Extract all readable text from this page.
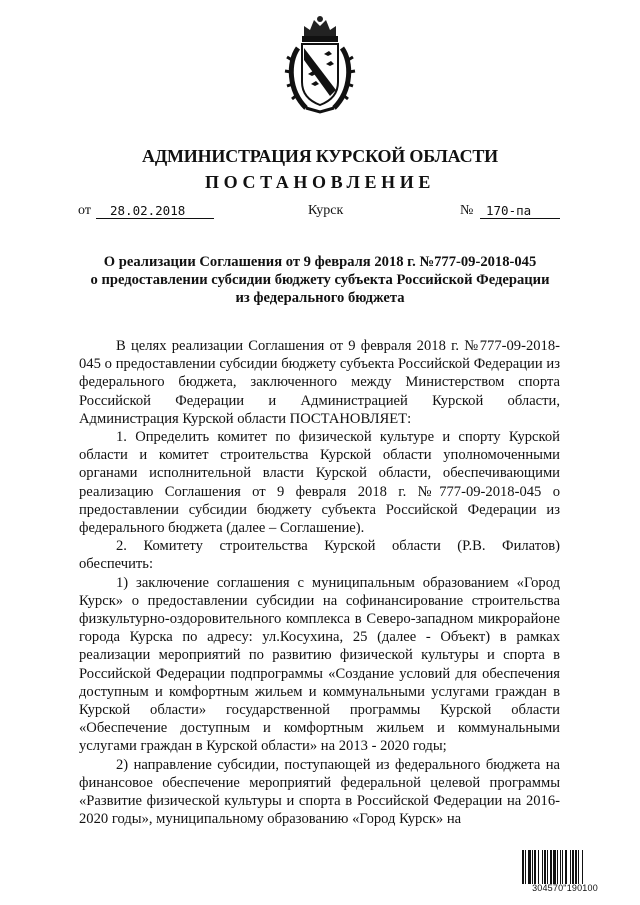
АДМИНИСТРАЦИЯ КУРСКОЙ ОБЛАСТИ
ПОСТАНОВЛЕНИЕ
от	28.02.2018	Курск	№	170-па
О реализации Соглашения от 9 февраля 2018 г. №777-09-2018-045
о предоставлении субсидии бюджету субъекта Российской Федерации
из федерального бюджета

В целях реализации Соглашения от 9 февраля 2018 г. №777-09-2018-045 о предоставлении субсидии бюджету субъекта Российской Федерации из федерального бюджета, заключенного между Министерством спорта Российской Федерации и Администрацией Курской области, Администрация Курской области ПОСТАНОВЛЯЕТ:

1. Определить комитет по физической культуре и спорту Курской области и комитет строительства Курской области уполномоченными органами исполнительной власти Курской области, обеспечивающими реализацию Соглашения от 9 февраля 2018 г. №777-09-2018-045 о предоставлении субсидии бюджету субъекта Российской Федерации из федерального бюджета (далее – Соглашение).

2. Комитету строительства Курской области (Р.В. Филатов) обеспечить:

1) заключение соглашения с муниципальным образованием «Город Курск» о предоставлении субсидии на софинансирование строительства физкультурно-оздоровительного комплекса в Северо-западном микрорайоне города Курска по адресу: ул.Косухина, 25 (далее - Объект) в рамках реализации мероприятий по развитию физической культуры и спорта в Российской Федерации подпрограммы «Создание условий для обеспечения доступным и комфортным жильем и коммунальными услугами граждан в Курской области» государственной программы Курской области «Обеспечение доступным и комфортным жильем и коммунальными услугами граждан в Курской области» на 2013 - 2020 годы;

2) направление субсидии, поступающей из федерального бюджета на финансовое обеспечение мероприятий федеральной целевой программы «Развитие физической культуры и спорта в Российской Федерации на 2016-2020 годы», муниципальному образованию «Город Курск» на

304570"190100
